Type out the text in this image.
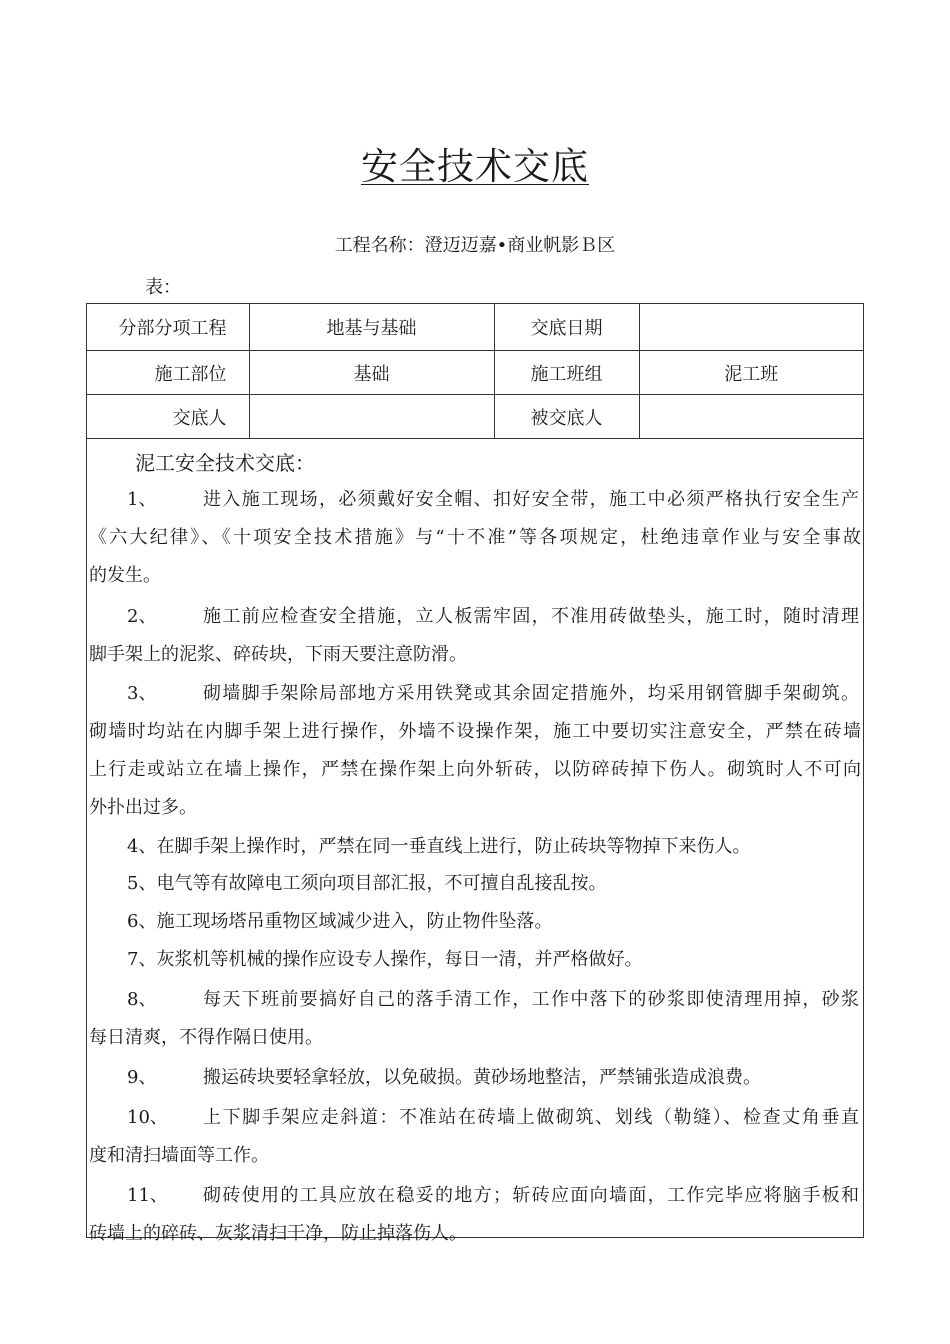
安全技术交底
工程名称：澄迈迈嘉•商业帆影Ｂ区
表：
分部分项工程	地基与基础	交底日期	
施工部位	基础	施工班组	泥工班
交底人		被交底人	
泥工安全技术交底：
1、	进入施工现场，必须戴好安全帽、扣好安全带，施工中必须严格执行安全生产
《六大纪律》、《十项安全技术措施》与“十不准”等各项规定，杜绝违章作业与安全事故
的发生。
2、	施工前应检查安全措施，立人板需牢固，不准用砖做垫头，施工时，随时清理
脚手架上的泥浆、碎砖块，下雨天要注意防滑。
3、	砌墙脚手架除局部地方采用铁凳或其余固定措施外，均采用钢管脚手架砌筑。
砌墙时均站在内脚手架上进行操作，外墙不设操作架，施工中要切实注意安全，严禁在砖墙
上行走或站立在墙上操作，严禁在操作架上向外斩砖，以防碎砖掉下伤人。砌筑时人不可向
外扑出过多。
4、在脚手架上操作时，严禁在同一垂直线上进行，防止砖块等物掉下来伤人。
5、电气等有故障电工须向项目部汇报，不可擅自乱接乱按。
6、施工现场塔吊重物区域减少进入，防止物件坠落。
7、灰浆机等机械的操作应设专人操作，每日一清，并严格做好。
8、	每天下班前要搞好自己的落手清工作，工作中落下的砂浆即使清理用掉，砂浆
每日清爽，不得作隔日使用。
9、	搬运砖块要轻拿轻放，以免破损。黄砂场地整洁，严禁铺张造成浪费。
10、 上下脚手架应走斜道：不准站在砖墙上做砌筑、划线（勒缝）、检查丈角垂直
度和清扫墙面等工作。
11、 砌砖使用的工具应放在稳妥的地方；斩砖应面向墙面，工作完毕应将脑手板和
砖墙上的碎砖、灰浆清扫干净，防止掉落伤人。
